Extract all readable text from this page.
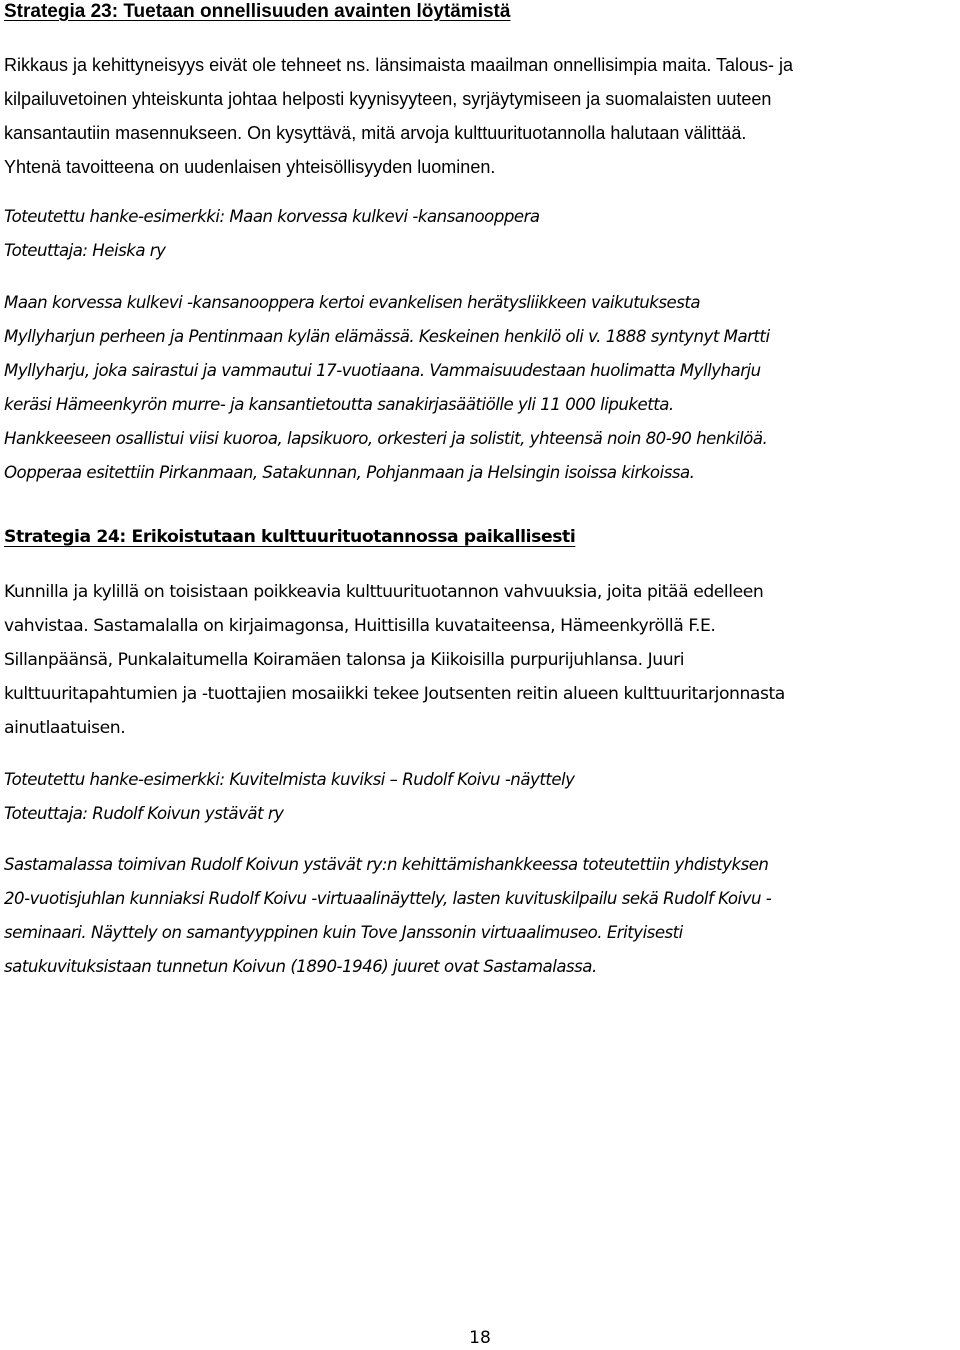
Strategia 23: Tuetaan onnellisuuden avainten löytämistä

Rikkaus ja kehittyneisyys eivät ole tehneet ns. länsimaista maailman onnellisimpia maita. Talous- ja
kilpailuvetoinen yhteiskunta johtaa helposti kyynisyyteen, syrjäytymiseen ja suomalaisten uuteen
kansantautiin masennukseen. On kysyttävä, mitä arvoja kulttuurituotannolla halutaan välittää.
Yhtenä tavoitteena on uudenlaisen yhteisöllisyyden luominen.

Toteutettu hanke-esimerkki: Maan korvessa kulkevi -kansanooppera
Toteuttaja: Heiska ry

Maan korvessa kulkevi -kansanooppera kertoi evankelisen herätysliikkeen vaikutuksesta
Myllyharjun perheen ja Pentinmaan kylän elämässä. Keskeinen henkilö oli v. 1888 syntynyt Martti
Myllyharju, joka sairastui ja vammautui 17-vuotiaana. Vammaisuudestaan huolimatta Myllyharju
keräsi Hämeenkyrön murre- ja kansantietoutta sanakirjasäätiölle yli 11 000 lipuketta.
Hankkeeseen osallistui viisi kuoroa, lapsikuoro, orkesteri ja solistit, yhteensä noin 80-90 henkilöä.
Oopperaa esitettiin Pirkanmaan, Satakunnan, Pohjanmaan ja Helsingin isoissa kirkoissa.

Strategia 24: Erikoistutaan kulttuurituotannossa paikallisesti

Kunnilla ja kylillä on toisistaan poikkeavia kulttuurituotannon vahvuuksia, joita pitää edelleen
vahvistaa. Sastamalalla on kirjaimagonsa, Huittisilla kuvataiteensa, Hämeenkyröllä F.E.
Sillanpäänsä, Punkalaitumella Koiramäen talonsa ja Kiikoisilla purpurijuhlansa. Juuri
kulttuuritapahtumien ja -tuottajien mosaiikki tekee Joutsenten reitin alueen kulttuuritarjonnasta
ainutlaatuisen.

Toteutettu hanke-esimerkki: Kuvitelmista kuviksi – Rudolf Koivu -näyttely
Toteuttaja: Rudolf Koivun ystävät ry

Sastamalassa toimivan Rudolf Koivun ystävät ry:n kehittämishankkeessa toteutettiin yhdistyksen
20-vuotisjuhlan kunniaksi Rudolf Koivu -virtuaalinäyttely, lasten kuvituskilpailu sekä Rudolf Koivu -
seminaari. Näyttely on samantyyppinen kuin Tove Janssonin virtuaalimuseo. Erityisesti
satukuvituksistaan tunnetun Koivun (1890-1946) juuret ovat Sastamalassa.

18
